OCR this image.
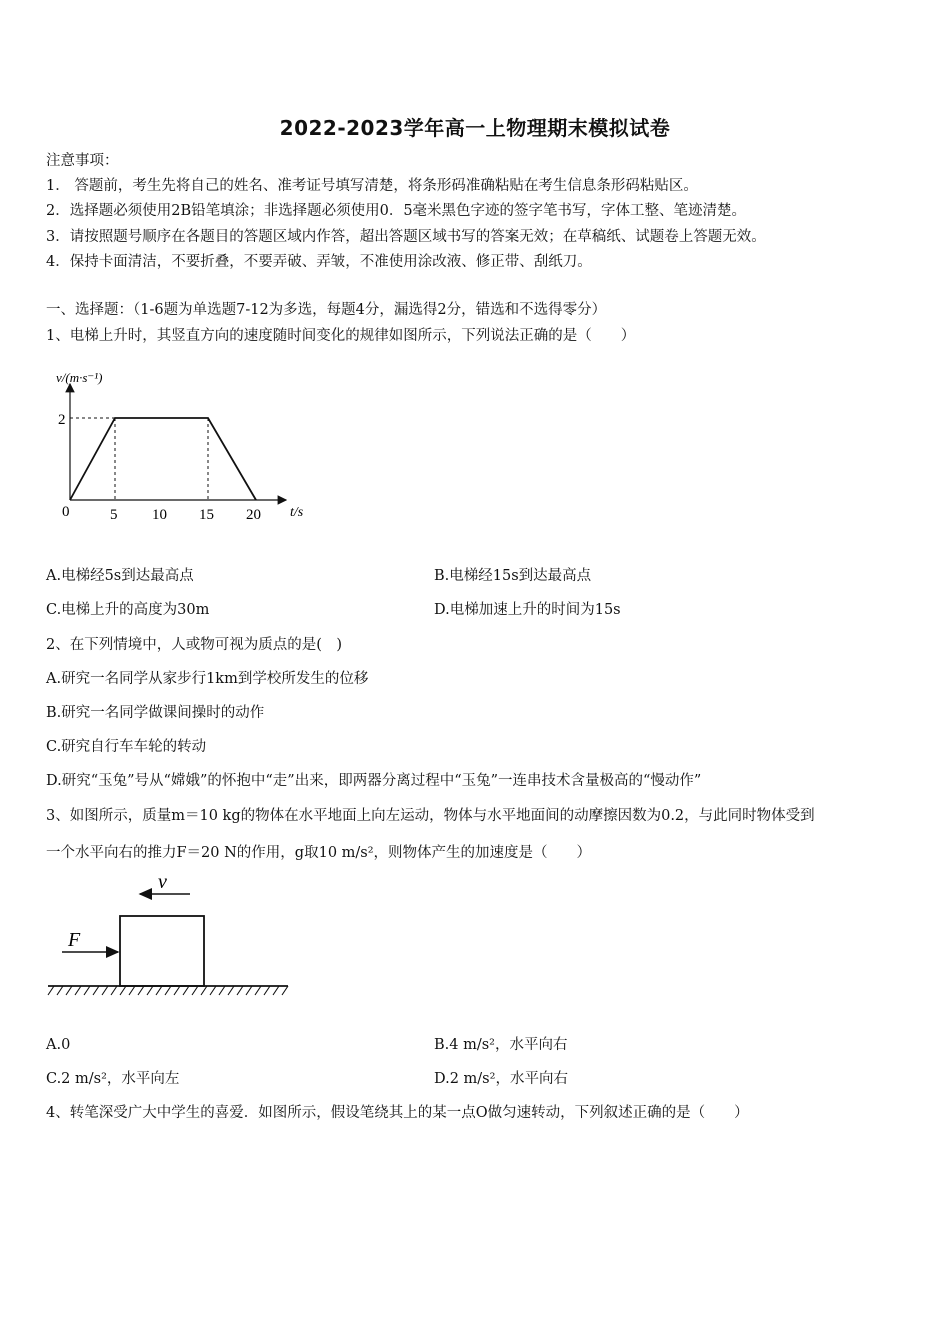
2022-2023学年高一上物理期末模拟试卷
注意事项：
1． 答题前，考生先将自己的姓名、准考证号填写清楚，将条形码准确粘贴在考生信息条形码粘贴区。
2．选择题必须使用2B铅笔填涂；非选择题必须使用0．5毫米黑色字迹的签字笔书写，字体工整、笔迹清楚。
3．请按照题号顺序在各题目的答题区域内作答，超出答题区域书写的答案无效；在草稿纸、试题卷上答题无效。
4．保持卡面清洁，不要折叠，不要弄破、弄皱，不准使用涂改液、修正带、刮纸刀。
一、选择题：（1-6题为单选题7-12为多选，每题4分，漏选得2分，错选和不选得零分）
1、电梯上升时，其竖直方向的速度随时间变化的规律如图所示，下列说法正确的是（　　）
v/(m·s⁻¹)
t/s
0
2
5 10 15 20
A.电梯经5s到达最高点	B.电梯经15s到达最高点
C.电梯上升的高度为30m	D.电梯加速上升的时间为15s
2、在下列情境中，人或物可视为质点的是(　)
A.研究一名同学从家步行1km到学校所发生的位移
B.研究一名同学做课间操时的动作
C.研究自行车车轮的转动
D.研究“玉兔”号从“嫦娥”的怀抱中“走”出来，即两器分离过程中“玉兔”一连串技术含量极高的“慢动作”
3、如图所示，质量m＝10 kg的物体在水平地面上向左运动，物体与水平地面间的动摩擦因数为0.2，与此同时物体受到
一个水平向右的推力F＝20 N的作用，g取10 m/s²，则物体产生的加速度是（　　）
v
F
A.0	B.4 m/s²，水平向右
C.2 m/s²，水平向左	D.2 m/s²，水平向右
4、转笔深受广大中学生的喜爱．如图所示，假设笔绕其上的某一点O做匀速转动，下列叙述正确的是（　　）
